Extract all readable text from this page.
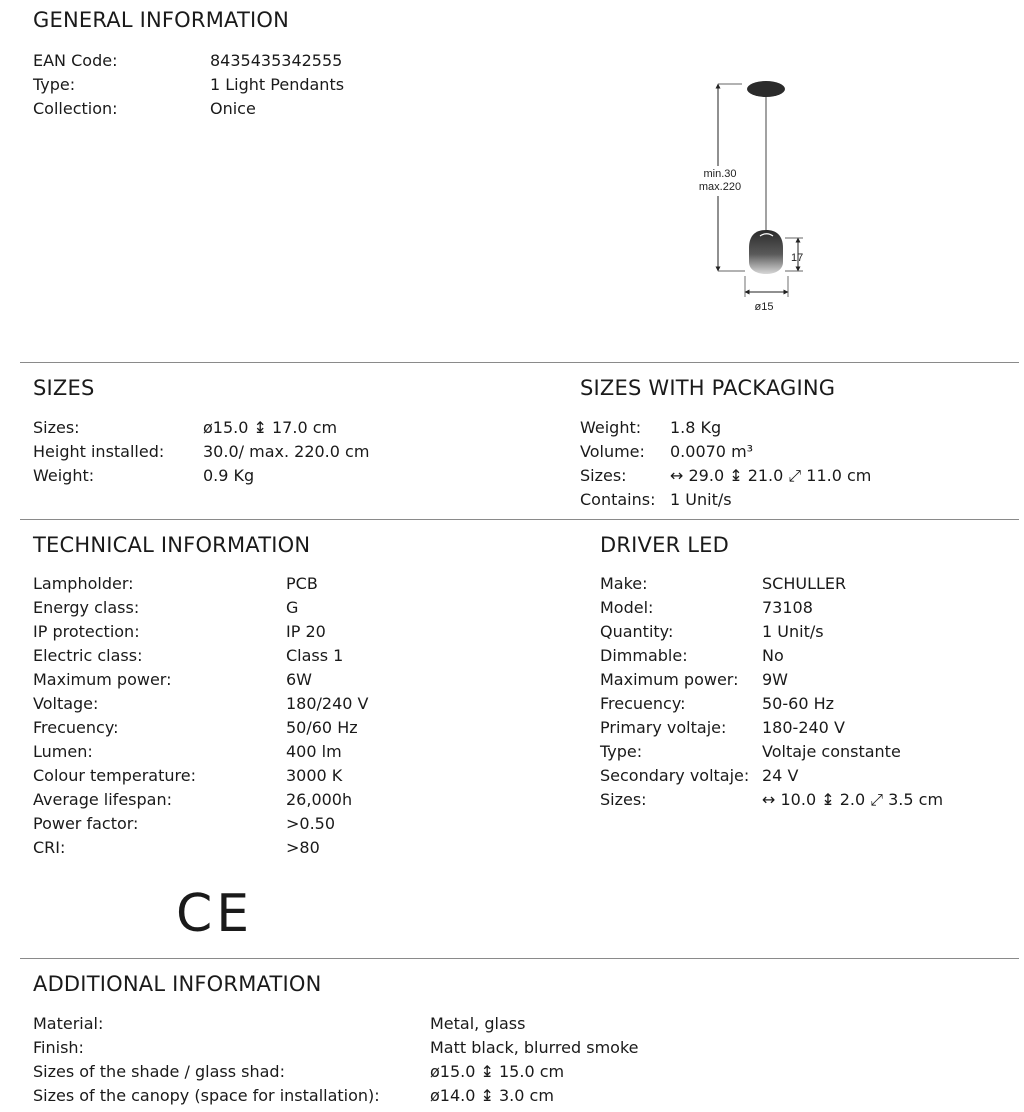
GENERAL INFORMATION
EAN Code:	8435435342555
Type:	1 Light Pendants
Collection:	Onice
min.30
max.220
17
ø15
SIZES
Sizes:	ø15.0 ↨ 17.0 cm
Height installed: 30.0/ max. 220.0 cm
Weight:	0.9 Kg
SIZES WITH PACKAGING
Weight: 1.8 Kg
Volume: 0.0070 m³
Sizes:	↔ 29.0 ↨ 21.0 ⤢ 11.0 cm
Contains: 1 Unit/s
TECHNICAL INFORMATION
Lampholder:	PCB
Energy class:	G
IP protection:	IP 20
Electric class:	Class 1
Maximum power:	6W
Voltage:	180/240 V
Frecuency:	50/60 Hz
Lumen:	400 lm
Colour temperature:	3000 K
Average lifespan:	26,000h
Power factor:	>0.50
CRI:	>80
CE
DRIVER LED
Make:	SCHULLER
Model:	73108
Quantity:	1 Unit/s
Dimmable:	No
Maximum power: 9W
Frecuency:	50-60 Hz
Primary voltaje: 180-240 V
Type:	Voltaje constante
Secondary voltaje: 24 V
Sizes:	↔ 10.0 ↨ 2.0 ⤢ 3.5 cm
ADDITIONAL INFORMATION
Material:	Metal, glass
Finish:	Matt black, blurred smoke
Sizes of the shade / glass shad:	ø15.0 ↨ 15.0 cm
Sizes of the canopy (space for installation):	ø14.0 ↨ 3.0 cm
